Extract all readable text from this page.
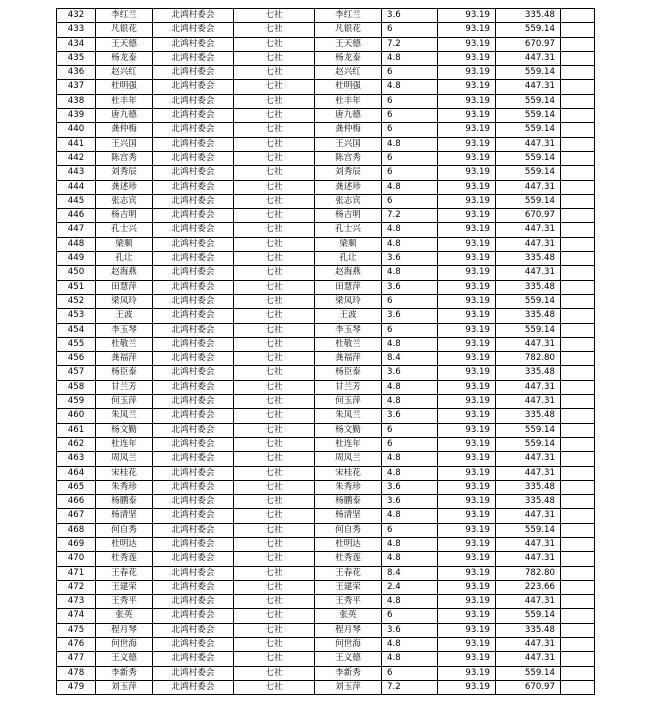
432	李红兰	北鸿村委会	七社	李红兰	3.6	93.19	335.48	
433	凡银花	北鸿村委会	七社	凡银花	6	93.19	559.14	
434	王天德	北鸿村委会	七社	王天德	7.2	93.19	670.97	
435	杨龙泰	北鸿村委会	七社	杨龙泰	4.8	93.19	447.31	
436	赵兴红	北鸿村委会	七社	赵兴红	6	93.19	559.14	
437	杜明强	北鸿村委会	七社	杜明强	4.8	93.19	447.31	
438	杜丰年	北鸿村委会	七社	杜丰年	6	93.19	559.14	
439	唐九德	北鸿村委会	七社	唐九德	6	93.19	559.14	
440	龚仲梅	北鸿村委会	七社	龚仲梅	6	93.19	559.14	
441	王兴国	北鸿村委会	七社	王兴国	4.8	93.19	447.31	
442	陈宫秀	北鸿村委会	七社	陈宫秀	6	93.19	559.14	
443	刘秀辰	北鸿村委会	七社	刘秀辰	6	93.19	559.14	
444	龚述珍	北鸿村委会	七社	龚述珍	4.8	93.19	447.31	
445	张志宾	北鸿村委会	七社	张志宾	6	93.19	559.14	
446	杨吉明	北鸿村委会	七社	杨吉明	7.2	93.19	670.97	
447	孔士兴	北鸿村委会	七社	孔士兴	4.8	93.19	447.31	
448	梁顺	北鸿村委会	七社	梁顺	4.8	93.19	447.31	
449	孔让	北鸿村委会	七社	孔让	3.6	93.19	335.48	
450	赵海燕	北鸿村委会	七社	赵海燕	4.8	93.19	447.31	
451	田慧萍	北鸿村委会	七社	田慧萍	3.6	93.19	335.48	
452	梁凤玲	北鸿村委会	七社	梁凤玲	6	93.19	559.14	
453	王波	北鸿村委会	七社	王波	3.6	93.19	335.48	
454	李玉琴	北鸿村委会	七社	李玉琴	6	93.19	559.14	
455	杜敬兰	北鸿村委会	七社	杜敬兰	4.8	93.19	447.31	
456	龚福萍	北鸿村委会	七社	龚福萍	8.4	93.19	782.80	
457	杨臣泰	北鸿村委会	七社	杨臣泰	3.6	93.19	335.48	
458	甘兰芳	北鸿村委会	七社	甘兰芳	4.8	93.19	447.31	
459	何玉萍	北鸿村委会	七社	何玉萍	4.8	93.19	447.31	
460	朱凤兰	北鸿村委会	七社	朱凤兰	3.6	93.19	335.48	
461	杨文勤	北鸿村委会	七社	杨文勤	6	93.19	559.14	
462	杜连年	北鸿村委会	七社	杜连年	6	93.19	559.14	
463	周凤兰	北鸿村委会	七社	周凤兰	4.8	93.19	447.31	
464	宋桂花	北鸿村委会	七社	宋桂花	4.8	93.19	447.31	
465	朱秀珍	北鸿村委会	七社	朱秀珍	3.6	93.19	335.48	
466	杨鹏泰	北鸿村委会	七社	杨鹏泰	3.6	93.19	335.48	
467	杨清坚	北鸿村委会	七社	杨清坚	4.8	93.19	447.31	
468	何自秀	北鸿村委会	七社	何自秀	6	93.19	559.14	
469	杜明达	北鸿村委会	七社	杜明达	4.8	93.19	447.31	
470	杜秀莲	北鸿村委会	七社	杜秀莲	4.8	93.19	447.31	
471	王春花	北鸿村委会	七社	王春花	8.4	93.19	782.80	
472	王建荣	北鸿村委会	七社	王建荣	2.4	93.19	223.66	
473	王秀平	北鸿村委会	七社	王秀平	4.8	93.19	447.31	
474	张英	北鸿村委会	七社	张英	6	93.19	559.14	
475	程月琴	北鸿村委会	七社	程月琴	3.6	93.19	335.48	
476	何世海	北鸿村委会	七社	何世海	4.8	93.19	447.31	
477	王义德	北鸿村委会	七社	王义德	4.8	93.19	447.31	
478	李新秀	北鸿村委会	七社	李新秀	6	93.19	559.14	
479	刘玉萍	北鸿村委会	七社	刘玉萍	7.2	93.19	670.97	
